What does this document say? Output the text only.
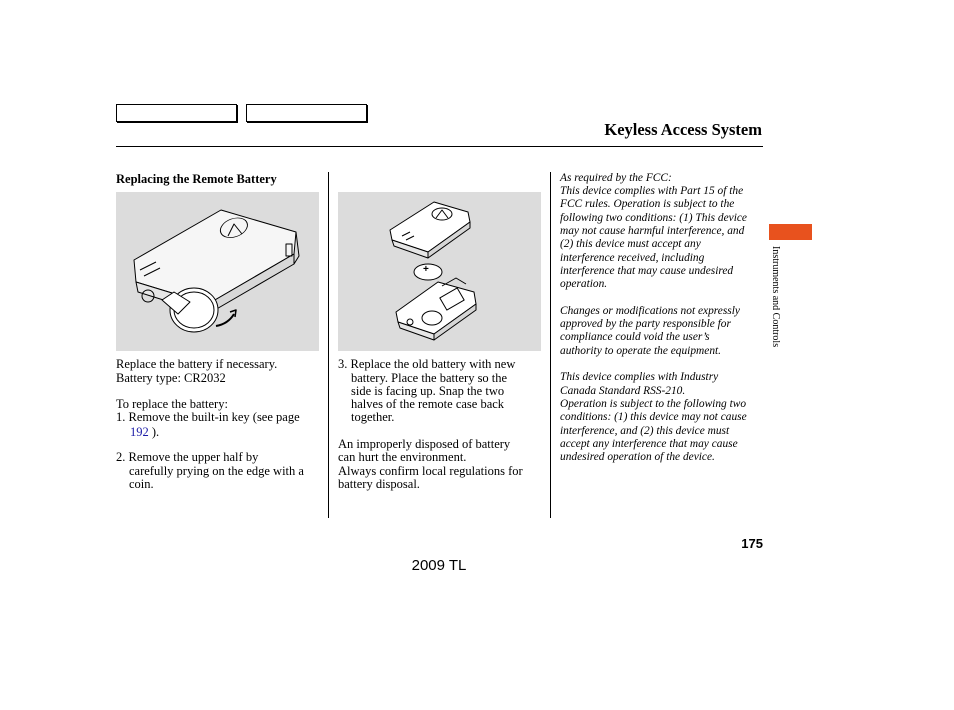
Keyless Access System
Replacing the Remote Battery
+
Replace the battery if necessary.
Battery type: CR2032
To replace the battery:
1. Remove the built-in key (see page
192 ).
2. Remove the upper half by
carefully prying on the edge with a
coin.
3. Replace the old battery with new
battery. Place the battery so the
side is facing up. Snap the two
halves of the remote case back
together.
An improperly disposed of battery
can hurt the environment.
Always confirm local regulations for
battery disposal.
As required by the FCC:
This device complies with Part 15 of the
FCC rules. Operation is subject to the
following two conditions: (1) This device
may not cause harmful interference, and
(2) this device must accept any
interference received, including
interference that may cause undesired
operation.
Changes or modifications not expressly
approved by the party responsible for
compliance could void the user’s
authority to operate the equipment.
This device complies with Industry
Canada Standard RSS-210.
Operation is subject to the following two
conditions: (1) this device may not cause
interference, and (2) this device must
accept any interference that may cause
undesired operation of the device.
Instruments and Controls
175
2009 TL
